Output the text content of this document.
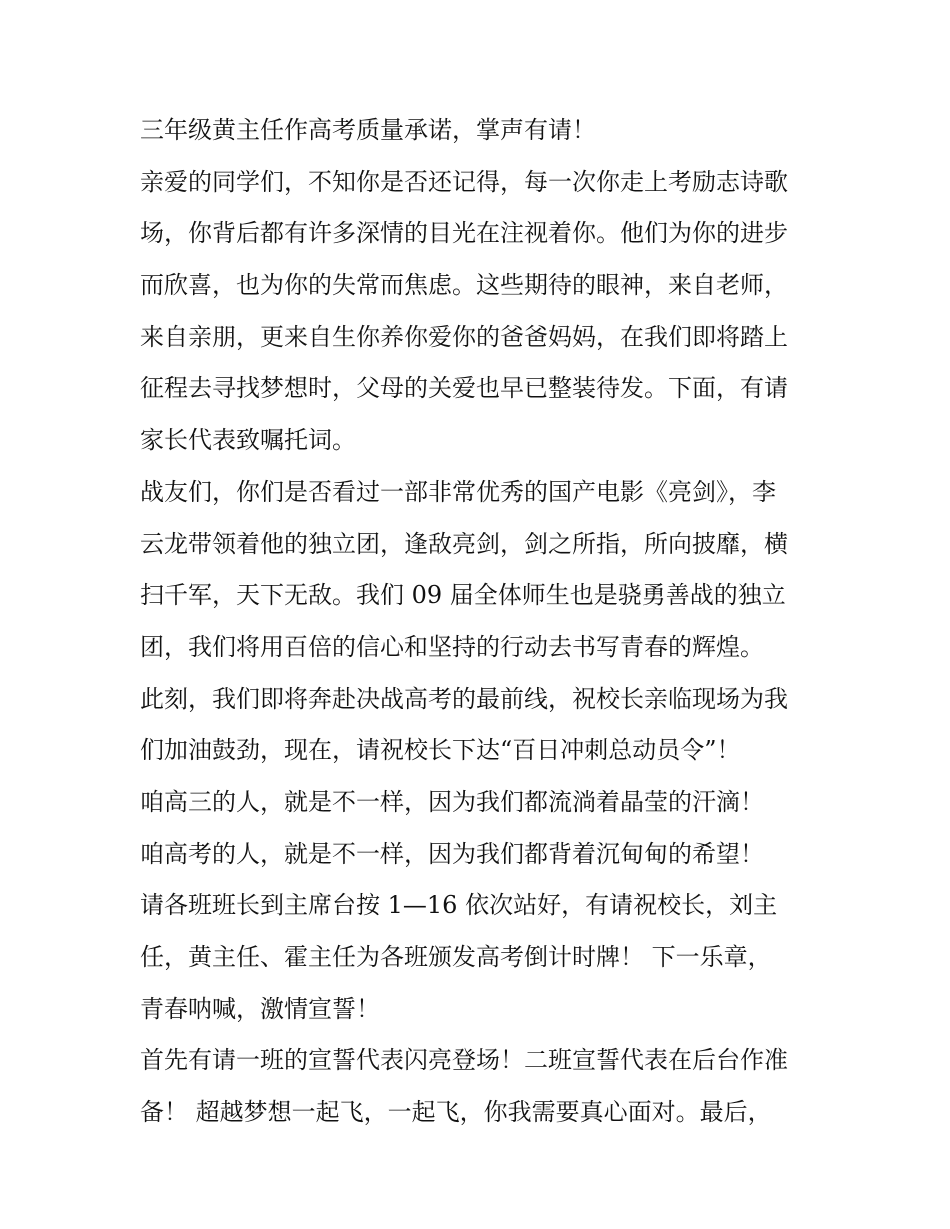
三年级黄主任作高考质量承诺，掌声有请！
亲爱的同学们，不知你是否还记得，每一次你走上考励志诗歌
场，你背后都有许多深情的目光在注视着你。他们为你的进步
而欣喜，也为你的失常而焦虑。这些期待的眼神，来自老师，
来自亲朋，更来自生你养你爱你的爸爸妈妈，在我们即将踏上
征程去寻找梦想时，父母的关爱也早已整装待发。下面，有请
家长代表致嘱托词。
战友们，你们是否看过一部非常优秀的国产电影《亮剑》，李
云龙带领着他的独立团，逢敌亮剑，剑之所指，所向披靡，横
扫千军，天下无敌。我们 09 届全体师生也是骁勇善战的独立
团，我们将用百倍的信心和坚持的行动去书写青春的辉煌。
此刻，我们即将奔赴决战高考的最前线，祝校长亲临现场为我
们加油鼓劲，现在，请祝校长下达“百日冲刺总动员令”！
咱高三的人，就是不一样，因为我们都流淌着晶莹的汗滴！
咱高考的人，就是不一样，因为我们都背着沉甸甸的希望！
请各班班长到主席台按 1—16 依次站好，有请祝校长，刘主
任，黄主任、霍主任为各班颁发高考倒计时牌！ 下一乐章，
青春呐喊，激情宣誓！
首先有请一班的宣誓代表闪亮登场！二班宣誓代表在后台作准
备！ 超越梦想一起飞，一起飞，你我需要真心面对。最后，
